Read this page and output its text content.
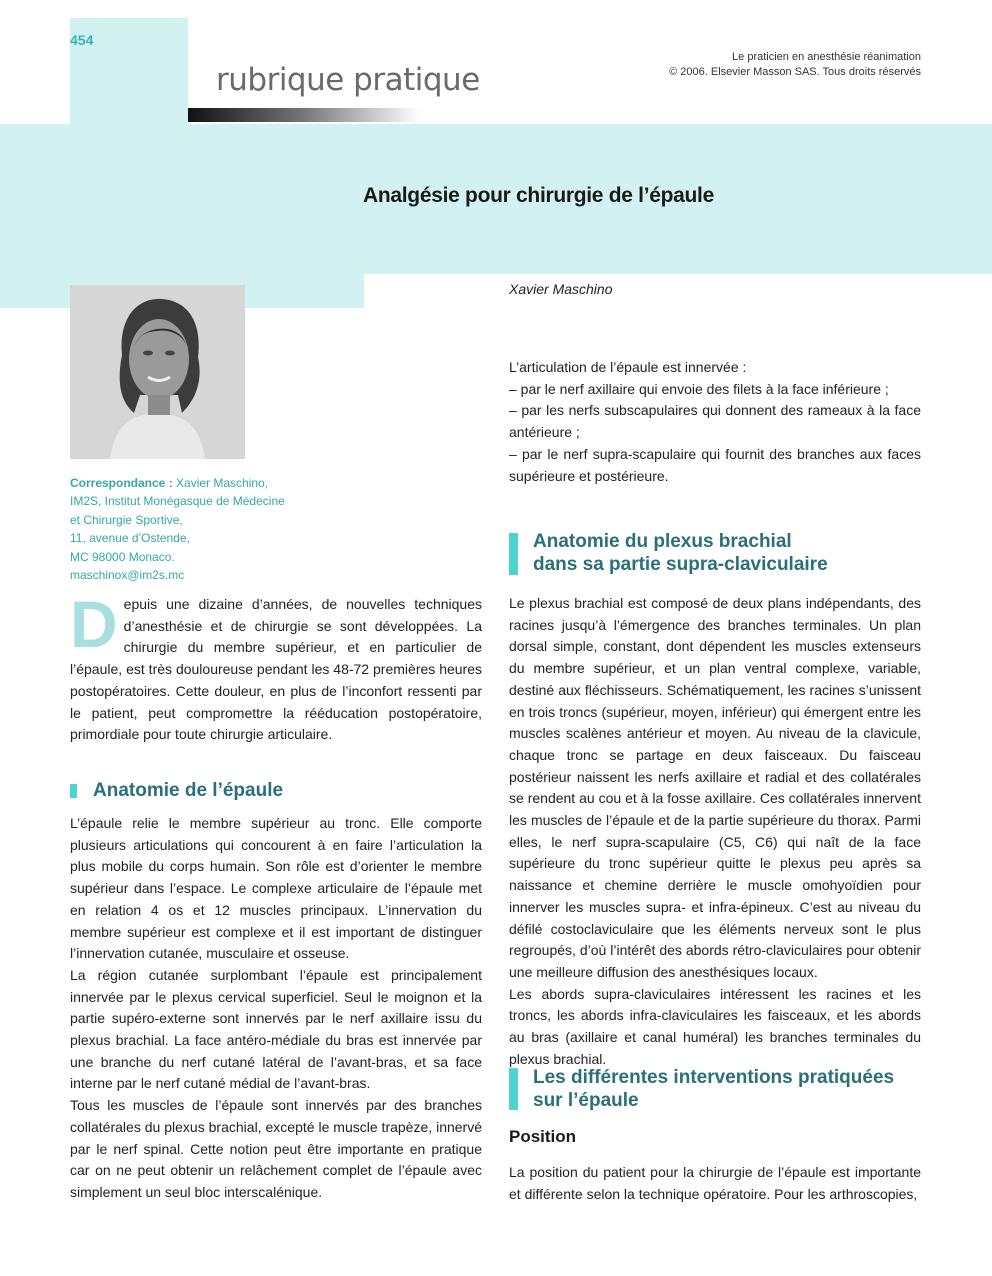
454
rubrique pratique
Le praticien en anesthésie réanimation
© 2006. Elsevier Masson SAS. Tous droits réservés
Analgésie pour chirurgie de l’épaule
Xavier Maschino
Correspondance : Xavier Maschino,
IM2S, Institut Monégasque de Médecine
et Chirurgie Sportive,
11, avenue d’Ostende,
MC 98000 Monaco.
maschinox@im2s.mc
D epuis une dizaine d’années, de nouvelles techniques d’anesthésie et de chirurgie se sont développées. La chirurgie du membre supérieur, et en particulier de l’épaule, est très douloureuse pendant les 48-72 premières heures postopératoires. Cette douleur, en plus de l’inconfort ressenti par le patient, peut compromettre la rééducation postopératoire, primordiale pour toute chirurgie articulaire.
Anatomie de l’épaule

L’épaule relie le membre supérieur au tronc. Elle comporte plusieurs articulations qui concourent à en faire l’articulation la plus mobile du corps humain. Son rôle est d’orienter le membre supérieur dans l’espace. Le complexe articulaire de l’épaule met en relation 4 os et 12 muscles principaux. L’innervation du membre supérieur est complexe et il est important de distinguer l’innervation cutanée, musculaire et osseuse.

La région cutanée surplombant l’épaule est principalement innervée par le plexus cervical superficiel. Seul le moignon et la partie supéro-externe sont innervés par le nerf axillaire issu du plexus brachial. La face antéro-médiale du bras est innervée par une branche du nerf cutané latéral de l’avant-bras, et sa face interne par le nerf cutané médial de l’avant-bras.

Tous les muscles de l’épaule sont innervés par des branches collatérales du plexus brachial, excepté le muscle trapèze, innervé par le nerf spinal. Cette notion peut être importante en pratique car on ne peut obtenir un relâchement complet de l’épaule avec simplement un seul bloc interscalénique.

L’articulation de l’épaule est innervée :

– par le nerf axillaire qui envoie des filets à la face inférieure ;

– par les nerfs subscapulaires qui donnent des rameaux à la face antérieure ;

– par le nerf supra-scapulaire qui fournit des branches aux faces supérieure et postérieure.

Anatomie du plexus brachial
dans sa partie supra-claviculaire

Le plexus brachial est composé de deux plans indépendants, des racines jusqu’à l’émergence des branches terminales. Un plan dorsal simple, constant, dont dépendent les muscles extenseurs du membre supérieur, et un plan ventral complexe, variable, destiné aux fléchisseurs. Schématiquement, les racines s’unissent en trois troncs (supérieur, moyen, inférieur) qui émergent entre les muscles scalènes antérieur et moyen. Au niveau de la clavicule, chaque tronc se partage en deux faisceaux. Du faisceau postérieur naissent les nerfs axillaire et radial et des collatérales se rendent au cou et à la fosse axillaire. Ces collatérales innervent les muscles de l’épaule et de la partie supérieure du thorax. Parmi elles, le nerf supra-scapulaire (C5, C6) qui naît de la face supérieure du tronc supérieur quitte le plexus peu après sa naissance et chemine derrière le muscle omohyoïdien pour innerver les muscles supra- et infra-épineux. C’est au niveau du défilé costoclaviculaire que les éléments nerveux sont le plus regroupés, d’où l’intérêt des abords rétro-claviculaires pour obtenir une meilleure diffusion des anesthésiques locaux.

Les abords supra-claviculaires intéressent les racines et les troncs, les abords infra-claviculaires les faisceaux, et les abords au bras (axillaire et canal huméral) les branches terminales du plexus brachial.

Les différentes interventions pratiquées
sur l’épaule
Position

La position du patient pour la chirurgie de l’épaule est importante et différente selon la technique opératoire. Pour les arthroscopies,
